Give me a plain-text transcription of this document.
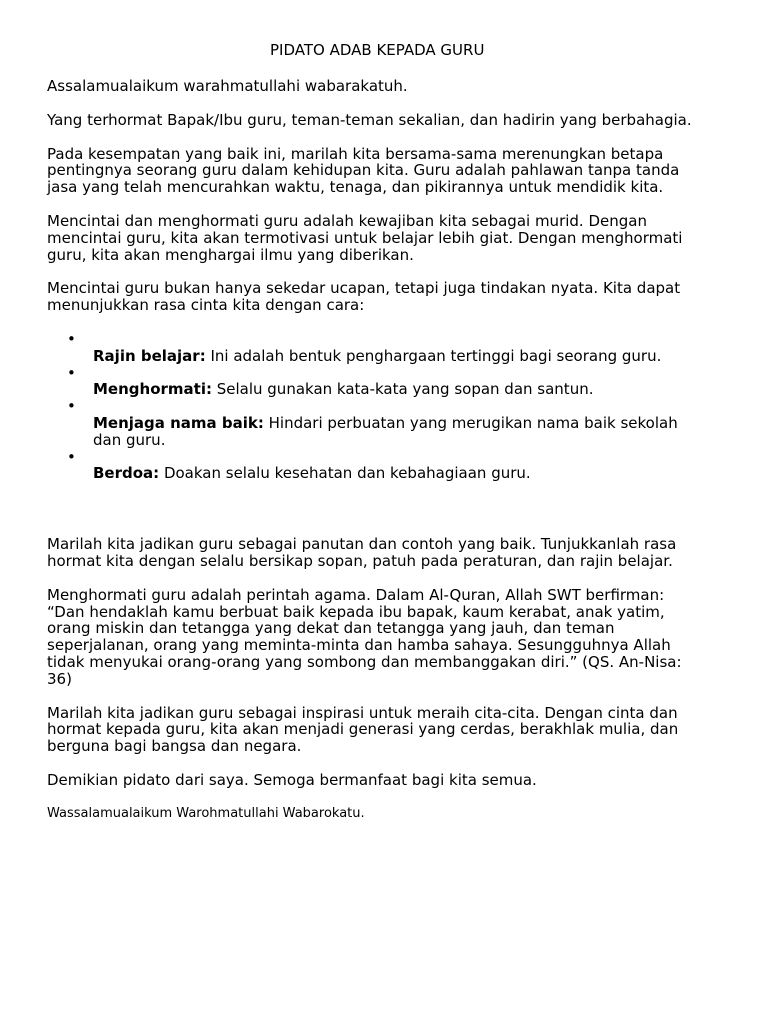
PIDATO ADAB KEPADA GURU
Assalamualaikum warahmatullahi wabarakatuh.
Yang terhormat Bapak/Ibu guru, teman-teman sekalian, dan hadirin yang berbahagia.
Pada kesempatan yang baik ini, marilah kita bersama-sama merenungkan betapa
pentingnya seorang guru dalam kehidupan kita. Guru adalah pahlawan tanpa tanda
jasa yang telah mencurahkan waktu, tenaga, dan pikirannya untuk mendidik kita.
Mencintai dan menghormati guru adalah kewajiban kita sebagai murid. Dengan
mencintai guru, kita akan termotivasi untuk belajar lebih giat. Dengan menghormati
guru, kita akan menghargai ilmu yang diberikan.
Mencintai guru bukan hanya sekedar ucapan, tetapi juga tindakan nyata. Kita dapat
menunjukkan rasa cinta kita dengan cara:

•
Rajin belajar: Ini adalah bentuk penghargaan tertinggi bagi seorang guru.

•
Menghormati: Selalu gunakan kata-kata yang sopan dan santun.

•
Menjaga nama baik: Hindari perbuatan yang merugikan nama baik sekolah
dan guru.

•
Berdoa: Doakan selalu kesehatan dan kebahagiaan guru.

Marilah kita jadikan guru sebagai panutan dan contoh yang baik. Tunjukkanlah rasa
hormat kita dengan selalu bersikap sopan, patuh pada peraturan, dan rajin belajar.
Menghormati guru adalah perintah agama. Dalam Al-Quran, Allah SWT berfirman:
“Dan hendaklah kamu berbuat baik kepada ibu bapak, kaum kerabat, anak yatim,
orang miskin dan tetangga yang dekat dan tetangga yang jauh, dan teman
seperjalanan, orang yang meminta-minta dan hamba sahaya. Sesungguhnya Allah
tidak menyukai orang-orang yang sombong dan membanggakan diri.” (QS. An-Nisa:
36)
Marilah kita jadikan guru sebagai inspirasi untuk meraih cita-cita. Dengan cinta dan
hormat kepada guru, kita akan menjadi generasi yang cerdas, berakhlak mulia, dan
berguna bagi bangsa dan negara.
Demikian pidato dari saya. Semoga bermanfaat bagi kita semua.
Wassalamualaikum Warohmatullahi Wabarokatu.
